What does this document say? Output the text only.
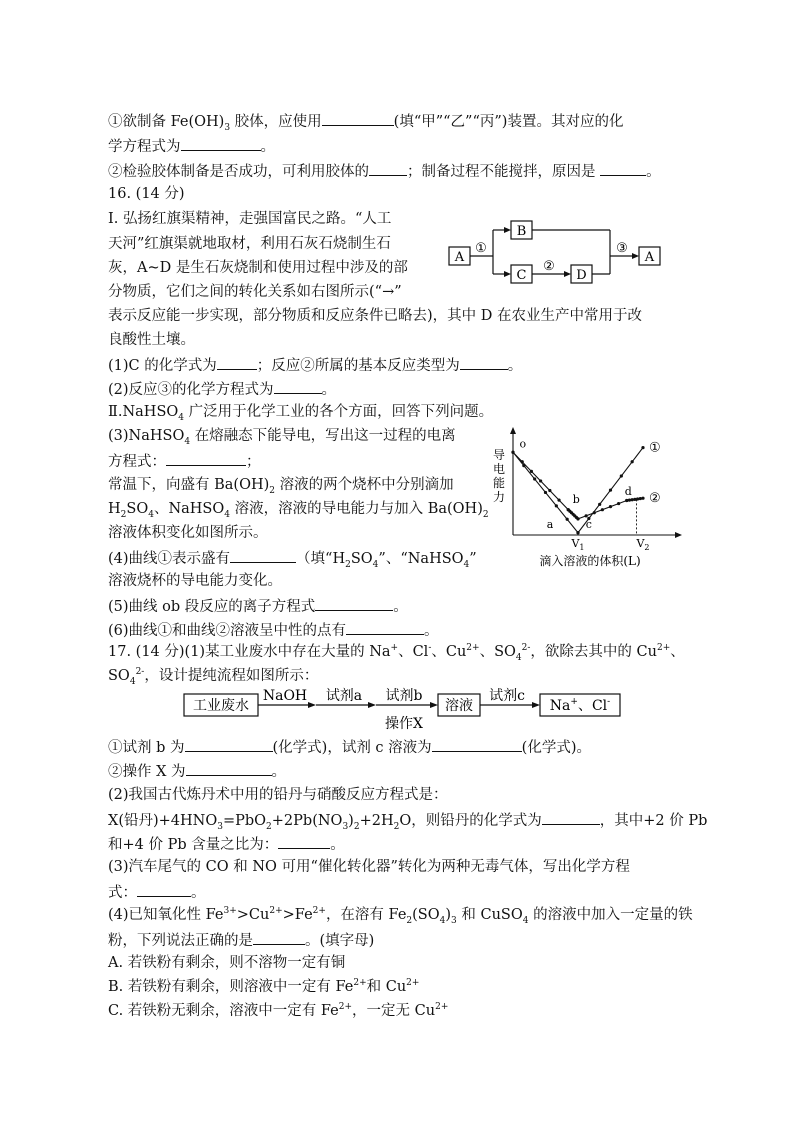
①欲制备 $Fe(OH)_3$ 胶体，应使用	(填“甲”“乙”“丙”)装置。其对应的化
学方程式为	。
②检验胶体制备是否成功，可利用胶体的	；制备过程不能搅拌，原因是	。
16. (14 分)
Ⅰ. 弘扬红旗渠精神，走强国富民之路。“人工
天河”红旗渠就地取材，利用石灰石烧制生石
灰，A~D 是生石灰烧制和使用过程中涉及的部
分物质，它们之间的转化关系如右图所示(“→”
表示反应能一步实现，部分物质和反应条件已略去)，其中 D 在农业生产中常用于改
良酸性土壤。
A
B
C	D
A
①
②
③
(1)C 的化学式为	；反应②所属的基本反应类型为	。
(2)反应③的化学方程式为	。
Ⅱ.NaHSO$_4$ 广泛用于化学工业的各个方面，回答下列问题。
(3)NaHSO$_4$ 在熔融态下能导电，写出这一过程的电离
方程式：	；
常温下，向盛有 $Ba(OH)_2$ 溶液的两个烧杯中分别滴加
$H_2SO_4$、NaHSO$_4$ 溶液，溶液的导电能力与加入 $Ba(OH)_2$
溶液体积变化如图所示。
(4)曲线①表示盛有	（填“$H_2SO_4$”、“NaHSO$_4$”
溶液烧杯的导电能力变化。
(5)曲线 ob 段反应的离子方程式	。
(6)曲线①和曲线②溶液呈中性的点有	。
导
电
能
力
滴入溶液的体积(L)
$V_1$	$V_2$
①
②
o
a
b
c
d
17. (14 分)(1)某工业废水中存在大量的 Na+、Cl-、$Cu^{2+}$、$SO_4^{2-}$，欲除去其中的 $Cu^{2+}$、
$SO_4^{2-}$，设计提纯流程如图所示：
工业废水
NaOH 试剂a 试剂b
操作X
溶液
试剂c
Na+、Cl-
①试剂 b 为	(化学式)，试剂 c 溶液为	(化学式)。
②操作 X 为	。
(2)我国古代炼丹术中用的铅丹与硝酸反应方程式是：
X(铅丹)$+4HNO_3=PbO_2+2Pb(NO_3)_2+2H_2O$，则铅丹的化学式为	，其中+2 价 Pb
和+4 价 Pb 含量之比为：	。
(3)汽车尾气的 CO 和 NO 可用“催化转化器”转化为两种无毒气体，写出化学方程
式：	。
(4)已知氧化性 $Fe^{3+}>Cu^{2+}>Fe^{2+}$，在溶有 $Fe_2(SO_4)_3$ 和 CuSO$_4$ 的溶液中加入一定量的铁
粉，下列说法正确的是	。(填字母)
A. 若铁粉有剩余，则不溶物一定有铜
B. 若铁粉有剩余，则溶液中一定有 $Fe^{2+}$和 $Cu^{2+}$
C. 若铁粉无剩余，溶液中一定有 $Fe^{2+}$，一定无 $Cu^{2+}$
